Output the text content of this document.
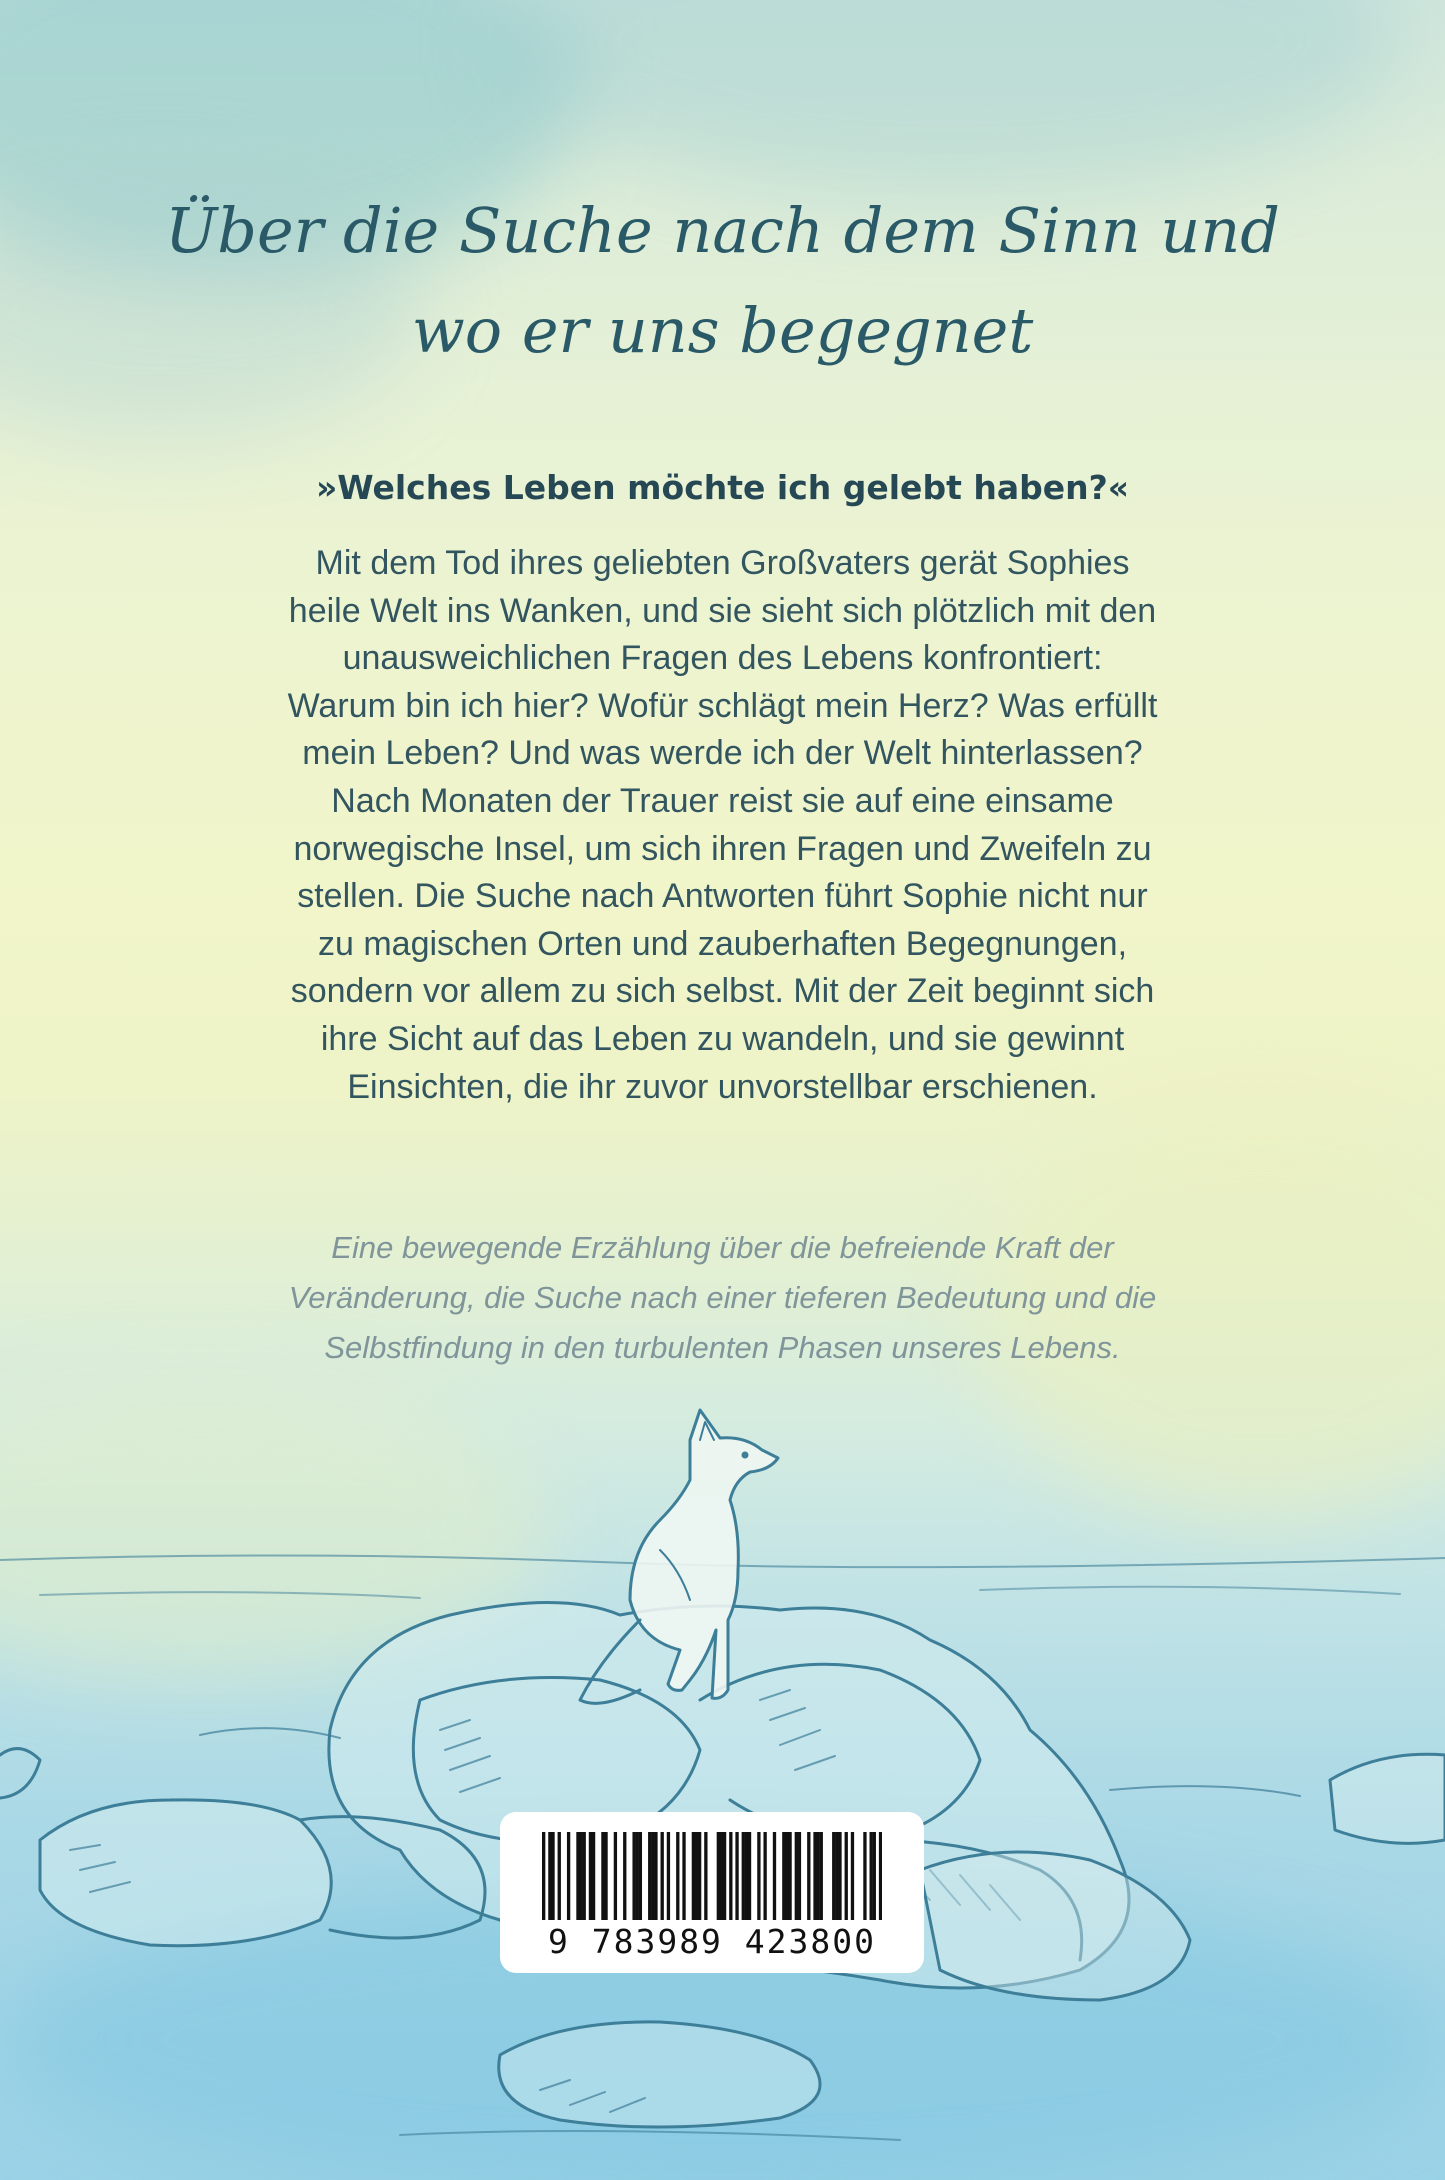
Über die Suche nach dem Sinn und
wo er uns begegnet

»Welches Leben möchte ich gelebt haben?«

Mit dem Tod ihres geliebten Großvaters gerät Sophies
heile Welt ins Wanken, und sie sieht sich plötzlich mit den
unausweichlichen Fragen des Lebens konfrontiert:
Warum bin ich hier? Wofür schlägt mein Herz? Was erfüllt
mein Leben? Und was werde ich der Welt hinterlassen?
Nach Monaten der Trauer reist sie auf eine einsame
norwegische Insel, um sich ihren Fragen und Zweifeln zu
stellen. Die Suche nach Antworten führt Sophie nicht nur
zu magischen Orten und zauberhaften Begegnungen,
sondern vor allem zu sich selbst. Mit der Zeit beginnt sich
ihre Sicht auf das Leben zu wandeln, und sie gewinnt
Einsichten, die ihr zuvor unvorstellbar erschienen.
Eine bewegende Erzählung über die befreiende Kraft der
Veränderung, die Suche nach einer tieferen Bedeutung und die
Selbstfindung in den turbulenten Phasen unseres Lebens.
9 783989 423800
